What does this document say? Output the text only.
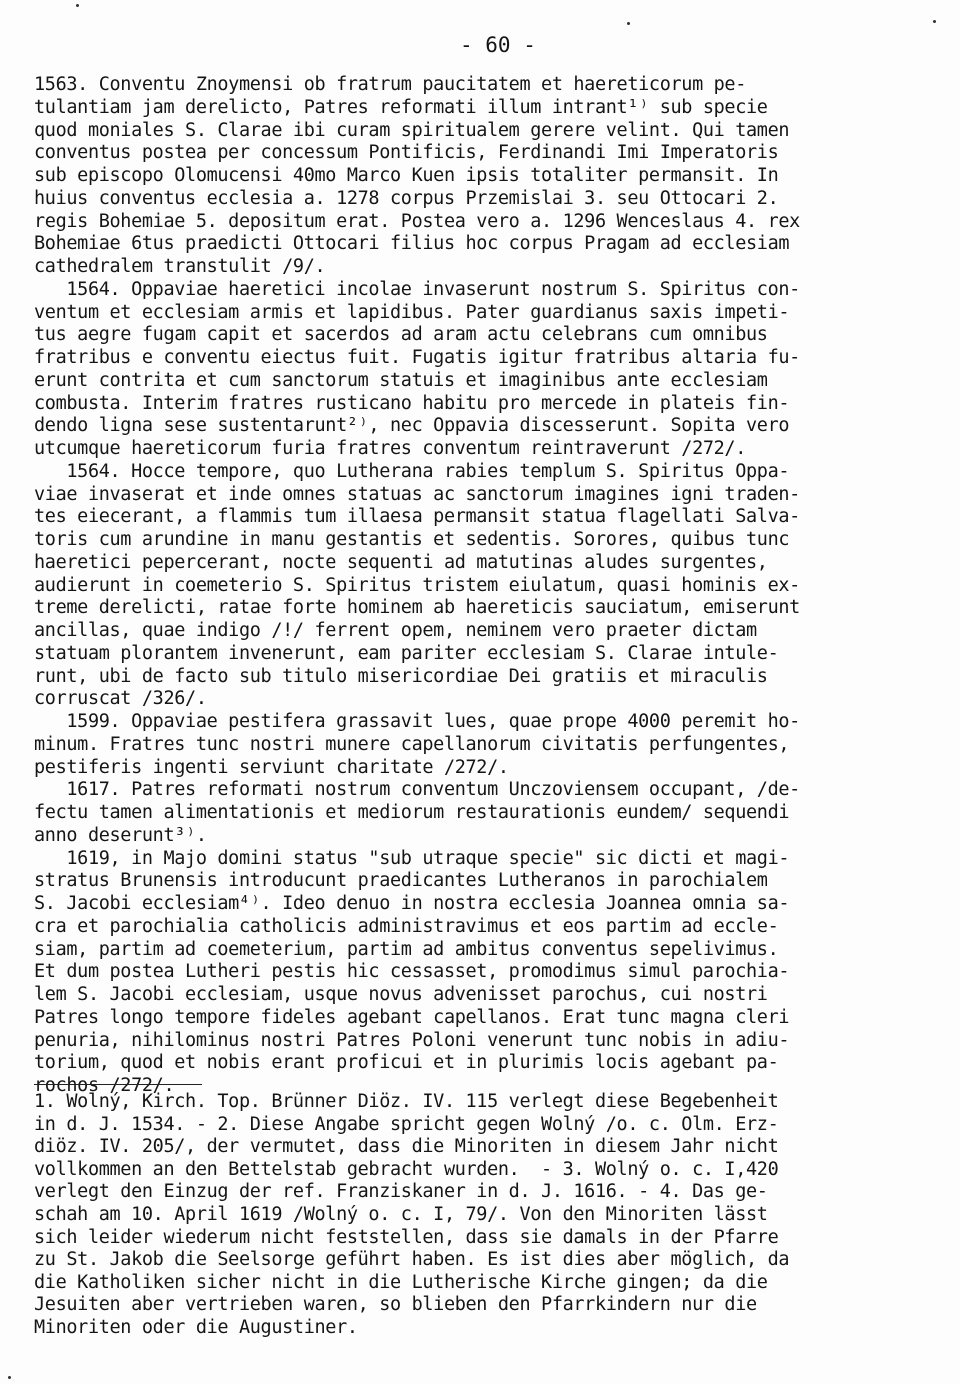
- 60 -
1563. Conventu Znoymensi ob fratrum paucitatem et haereticorum pe-
tulantiam jam derelicto, Patres reformati illum intrant¹⁾ sub specie
quod moniales S. Clarae ibi curam spiritualem gerere velint. Qui tamen
conventus postea per concessum Pontificis, Ferdinandi Imi Imperatoris
sub episcopo Olomucensi 40mo Marco Kuen ipsis totaliter permansit. In
huius conventus ecclesia a. 1278 corpus Przemislai 3. seu Ottocari 2.
regis Bohemiae 5. depositum erat. Postea vero a. 1296 Wenceslaus 4. rex
Bohemiae 6tus praedicti Ottocari filius hoc corpus Pragam ad ecclesiam
cathedralem transtulit /9/.
1564. Oppaviae haeretici incolae invaserunt nostrum S. Spiritus con-
ventum et ecclesiam armis et lapidibus. Pater guardianus saxis impeti-
tus aegre fugam capit et sacerdos ad aram actu celebrans cum omnibus
fratribus e conventu eiectus fuit. Fugatis igitur fratribus altaria fu-
erunt contrita et cum sanctorum statuis et imaginibus ante ecclesiam
combusta. Interim fratres rusticano habitu pro mercede in plateis fin-
dendo ligna sese sustentarunt²⁾, nec Oppavia discesserunt. Sopita vero
utcumque haereticorum furia fratres conventum reintraverunt /272/.
1564. Hocce tempore, quo Lutherana rabies templum S. Spiritus Oppa-
viae invaserat et inde omnes statuas ac sanctorum imagines igni traden-
tes eiecerant, a flammis tum illaesa permansit statua flagellati Salva-
toris cum arundine in manu gestantis et sedentis. Sorores, quibus tunc
haeretici pepercerant, nocte sequenti ad matutinas aludes surgentes,
audierunt in coemeterio S. Spiritus tristem eiulatum, quasi hominis ex-
treme derelicti, ratae forte hominem ab haereticis sauciatum, emiserunt
ancillas, quae indigo /!/ ferrent opem, neminem vero praeter dictam
statuam plorantem invenerunt, eam pariter ecclesiam S. Clarae intule-
runt, ubi de facto sub titulo misericordiae Dei gratiis et miraculis
corruscat /326/.
1599. Oppaviae pestifera grassavit lues, quae prope 4000 peremit ho-
minum. Fratres tunc nostri munere capellanorum civitatis perfungentes,
pestiferis ingenti serviunt charitate /272/.
1617. Patres reformati nostrum conventum Unczoviensem occupant, /de-
fectu tamen alimentationis et mediorum restaurationis eundem/ sequendi
anno deserunt³⁾.
1619, in Majo domini status "sub utraque specie" sic dicti et magi-
stratus Brunensis introducunt praedicantes Lutheranos in parochialem
S. Jacobi ecclesiam⁴⁾. Ideo denuo in nostra ecclesia Joannea omnia sa-
cra et parochialia catholicis administravimus et eos partim ad eccle-
siam, partim ad coemeterium, partim ad ambitus conventus sepelivimus.
Et dum postea Lutheri pestis hic cessasset, promodimus simul parochia-
lem S. Jacobi ecclesiam, usque novus advenisset parochus, cui nostri
Patres longo tempore fideles agebant capellanos. Erat tunc magna cleri
penuria, nihilominus nostri Patres Poloni venerunt tunc nobis in adiu-
torium, quod et nobis erant proficui et in plurimis locis agebant pa-
rochos /272/.
1. Wolný, Kirch. Top. Brünner Diöz. IV. 115 verlegt diese Begebenheit
in d. J. 1534. - 2. Diese Angabe spricht gegen Wolný /o. c. Olm. Erz-
diöz. IV. 205/, der vermutet, dass die Minoriten in diesem Jahr nicht
vollkommen an den Bettelstab gebracht wurden.  - 3. Wolný o. c. I,420
verlegt den Einzug der ref. Franziskaner in d. J. 1616. - 4. Das ge-
schah am 10. April 1619 /Wolný o. c. I, 79/. Von den Minoriten lässt
sich leider wiederum nicht feststellen, dass sie damals in der Pfarre
zu St. Jakob die Seelsorge geführt haben. Es ist dies aber möglich, da
die Katholiken sicher nicht in die Lutherische Kirche gingen; da die
Jesuiten aber vertrieben waren, so blieben den Pfarrkindern nur die
Minoriten oder die Augustiner.
